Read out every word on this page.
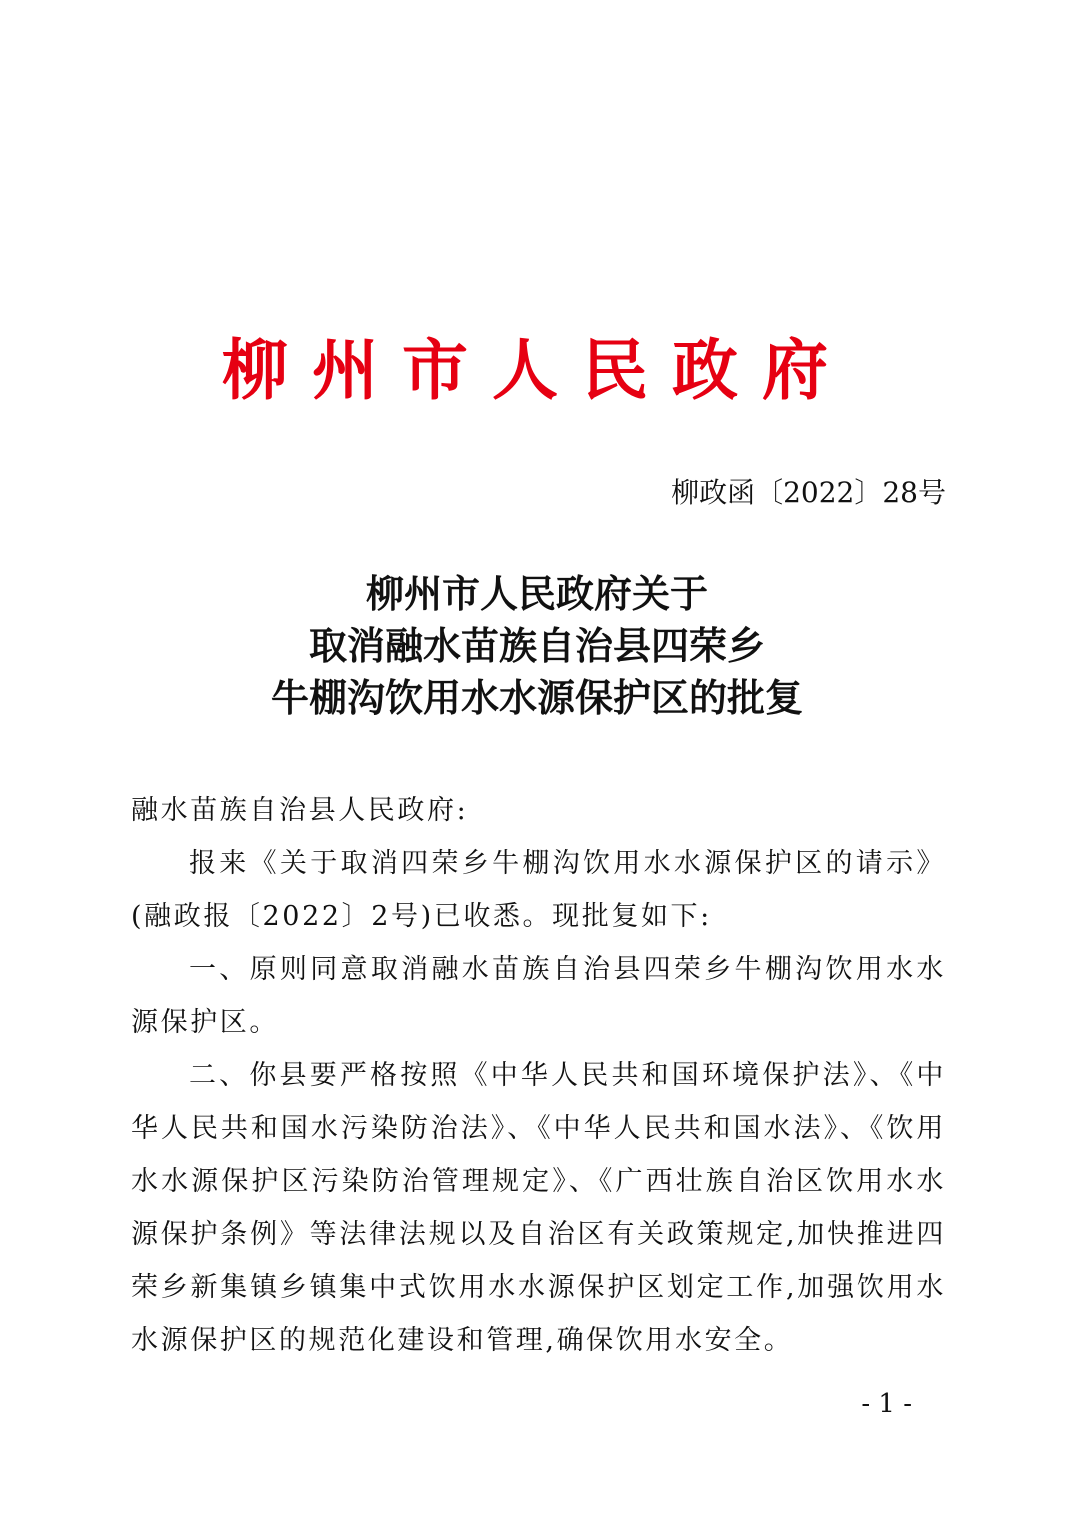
柳州市人民政府
柳政函〔2022〕28号
柳州市人民政府关于
取消融水苗族自治县四荣乡
牛棚沟饮用水水源保护区的批复

融水苗族自治县人民政府:

报来《关于取消四荣乡牛棚沟饮用水水源保护区的请示》(融政报〔2022〕2号)已收悉。现批复如下:

一、原则同意取消融水苗族自治县四荣乡牛棚沟饮用水水源保护区。

二、你县要严格按照《中华人民共和国环境保护法》、《中华人民共和国水污染防治法》、《中华人民共和国水法》、《饮用水水源保护区污染防治管理规定》、《广西壮族自治区饮用水水源保护条例》等法律法规以及自治区有关政策规定,加快推进四荣乡新集镇乡镇集中式饮用水水源保护区划定工作,加强饮用水水源保护区的规范化建设和管理,确保饮用水安全。

- 1 -
